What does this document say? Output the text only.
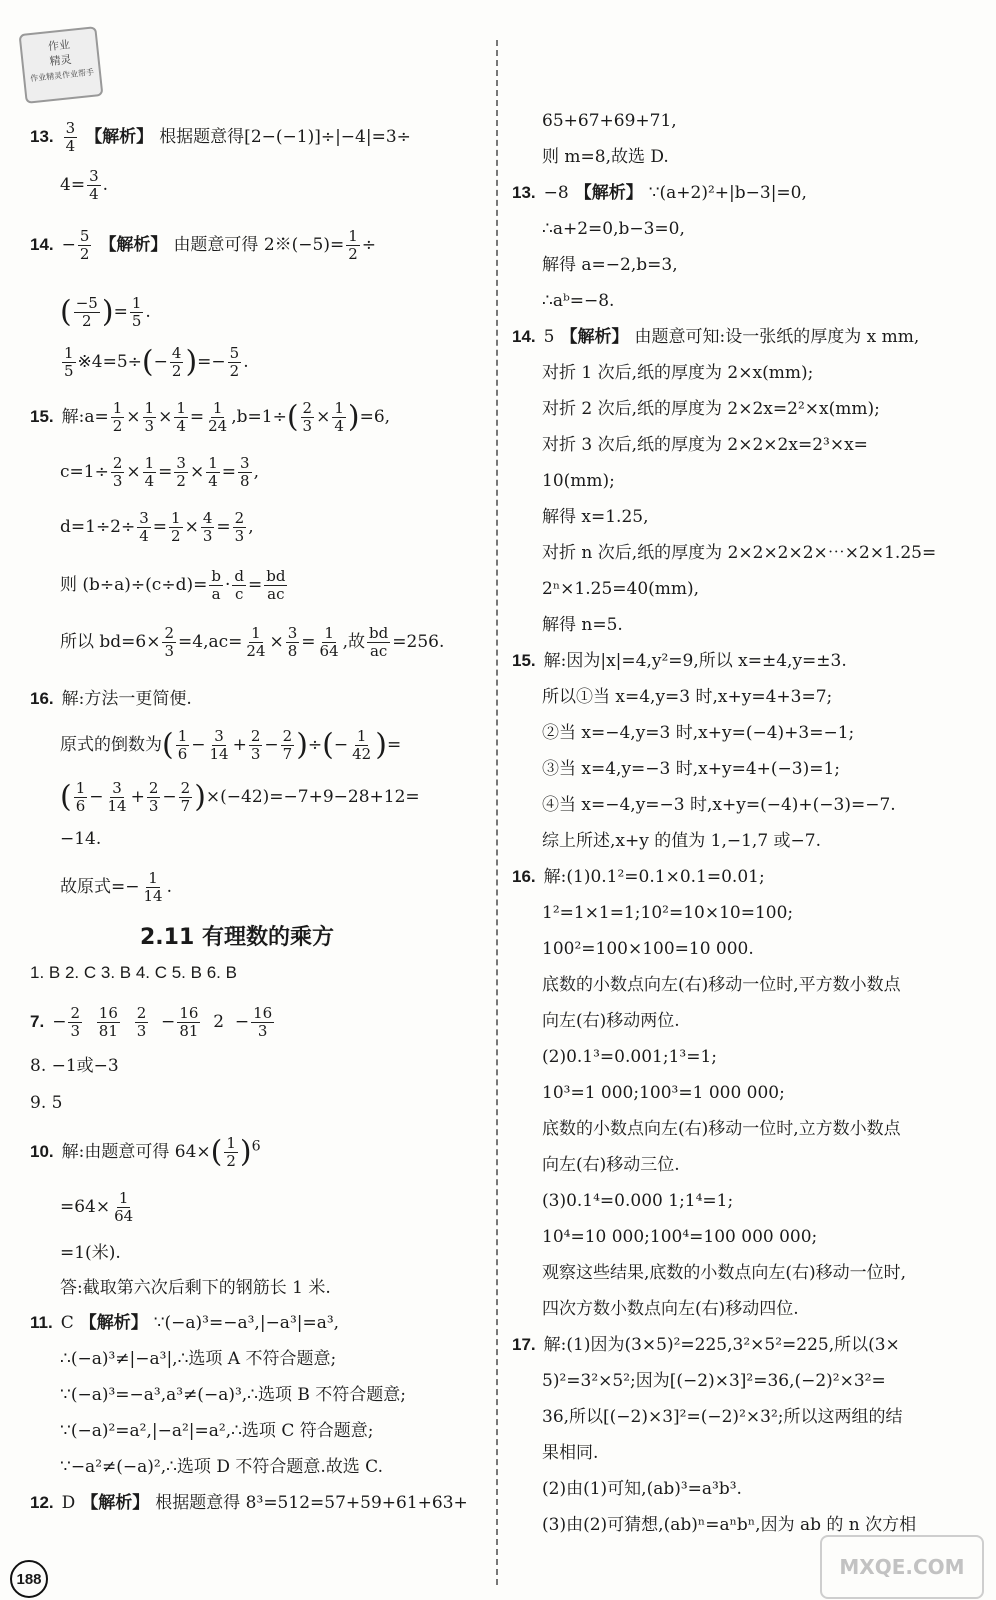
作业
精灵
作业精灵作业帮手
13. $\frac{3}{4}$ 【解析】 根据题意得[2−(−1)]÷|−4|=3÷
$4= \frac{3}{4}$ .
14. − $\frac{5}{2}$ 【解析】 由题意可得 2※(−5)= $\frac{1}{2}$ ÷
( $\frac{-5}{2}$ )= $\frac{1}{5}$ .
$\frac{1}{5}$ ※4=5÷(− $\frac{4}{2}$ )=− $\frac{5}{2}$ .
15. 解:a= $\frac{1}{2} \times \frac{1}{3} \times \frac{1}{4} = \frac{1}{24} ,b=1\div( \frac{2}{3} \times \frac{1}{4} )=6$,
$c=1\div \frac{2}{3} \times \frac{1}{4} = \frac{3}{2} \times \frac{1}{4} = \frac{3}{8}$ ,
$d=1\div 2\div \frac{3}{4} = \frac{1}{2} \times \frac{4}{3} = \frac{2}{3}$ ,
则 $(b\div a)\div(c\div d)= \frac{b}{a} \cdot \frac{d}{c} = \frac{bd}{ac}$
所以 $bd=6\times \frac{2}{3} =4,ac= \frac{1}{24} \times \frac{3}{8} = \frac{1}{64}$ ,故 $\frac{bd}{ac} =256$.
16. 解:方法一更简便.
原式的倒数为( $\frac{1}{6} - \frac{3}{14} + \frac{2}{3} - \frac{2}{7}$ )÷(− $\frac{1}{42}$ )=
( $\frac{1}{6} - \frac{3}{14} + \frac{2}{3} - \frac{2}{7} )\times(-42)=-7+9-28+12=$
−14.
故原式=− $\frac{1}{14}$ .
2.11 有理数的乘方
1. B 2. C 3. B 4. C 5. B 6. B
7. − $\frac{2}{3}$
$\frac{16}{81}$
$\frac{2}{3} - \frac{16}{81} 2 - \frac{16}{3}$
8. −1或−3
9. 5
10. 解:由题意可得 $64\times( \frac{1}{2} )^6$
$=64\times \frac{1}{64}$
=1(米).
答:截取第六次后剩下的钢筋长 1 米.
11. C 【解析】 ∵(−a)³=−a³,|−a³|=a³,
∴(−a)³≠|−a³|,∴选项 A 不符合题意;
∵(−a)³=−a³,a³≠(−a)³,∴选项 B 不符合题意;
∵(−a)²=a²,|−a²|=a²,∴选项 C 符合题意;
∵−a²≠(−a)²,∴选项 D 不符合题意.故选 C.
12. D 【解析】 根据题意得 8³=512=57+59+61+63+
65+67+69+71,
则 m=8,故选 D.
13. −8 【解析】 ∵(a+2)²+|b−3|=0,
∴a+2=0,b−3=0,
解得 a=−2,b=3,
∴aᵇ=−8.
14. 5 【解析】 由题意可知:设一张纸的厚度为 x mm,
对折 1 次后,纸的厚度为 2×x(mm);
对折 2 次后,纸的厚度为 2×2x=2²×x(mm);
对折 3 次后,纸的厚度为 2×2×2x=2³×x=
10(mm);
解得 x=1.25,
对折 n 次后,纸的厚度为 2×2×2×2×⋯×2×1.25=
2ⁿ×1.25=40(mm),
解得 n=5.
15. 解:因为|x|=4,y²=9,所以 x=±4,y=±3.
所以①当 x=4,y=3 时,x+y=4+3=7;
②当 x=−4,y=3 时,x+y=(−4)+3=−1;
③当 x=4,y=−3 时,x+y=4+(−3)=1;
④当 x=−4,y=−3 时,x+y=(−4)+(−3)=−7.
综上所述,x+y 的值为 1,−1,7 或−7.
16. 解:(1)0.1²=0.1×0.1=0.01;
1²=1×1=1;10²=10×10=100;
100²=100×100=10 000.
底数的小数点向左(右)移动一位时,平方数小数点
向左(右)移动两位.
(2)0.1³=0.001;1³=1;
10³=1 000;100³=1 000 000;
底数的小数点向左(右)移动一位时,立方数小数点
向左(右)移动三位.
(3)0.1⁴=0.000 1;1⁴=1;
10⁴=10 000;100⁴=100 000 000;
观察这些结果,底数的小数点向左(右)移动一位时,
四次方数小数点向左(右)移动四位.
17. 解:(1)因为(3×5)²=225,3²×5²=225,所以(3×
5)²=3²×5²;因为[(−2)×3]²=36,(−2)²×3²=
36,所以[(−2)×3]²=(−2)²×3²;所以这两组的结
果相同.
(2)由(1)可知,(ab)³=a³b³.
(3)由(2)可猜想,(ab)ⁿ=aⁿbⁿ,因为 ab 的 n 次方相
188	MXQE.COM
